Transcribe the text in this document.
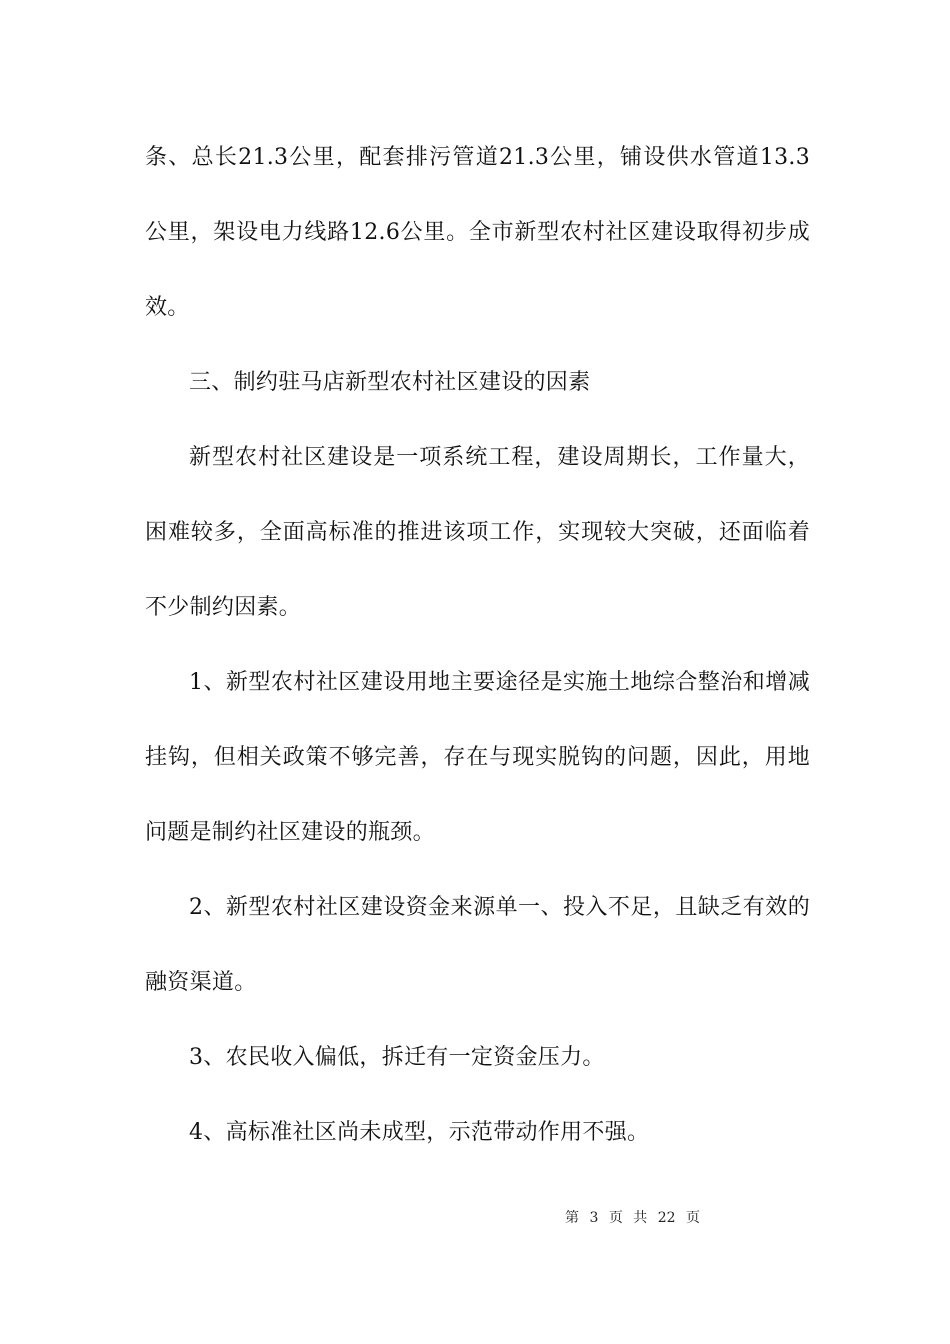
条、总长21.3公里，配套排污管道21.3公里，铺设供水管道13.3
公里，架设电力线路12.6公里。全市新型农村社区建设取得初步成
效。
三、制约驻马店新型农村社区建设的因素
新型农村社区建设是一项系统工程，建设周期长，工作量大，
困难较多，全面高标准的推进该项工作，实现较大突破，还面临着
不少制约因素。
1、新型农村社区建设用地主要途径是实施土地综合整治和增减
挂钩，但相关政策不够完善，存在与现实脱钩的问题，因此，用地
问题是制约社区建设的瓶颈。
2、新型农村社区建设资金来源单一、投入不足，且缺乏有效的
融资渠道。
3、农民收入偏低，拆迁有一定资金压力。
4、高标准社区尚未成型，示范带动作用不强。
第 3 页 共 22 页
